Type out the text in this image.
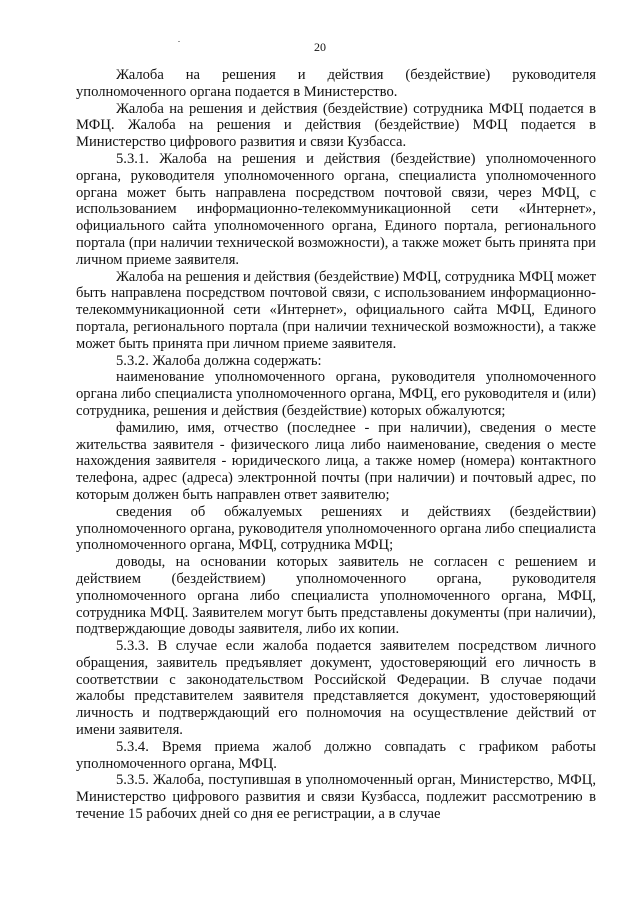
20

Жалоба на решения и действия (бездействие) руководителя уполномоченного органа подается в Министерство.

Жалоба на решения и действия (бездействие) сотрудника МФЦ подается в МФЦ. Жалоба на решения и действия (бездействие) МФЦ подается в Министерство цифрового развития и связи Кузбасса.

5.3.1. Жалоба на решения и действия (бездействие) уполномоченного органа, руководителя уполномоченного органа, специалиста уполномоченного органа может быть направлена посредством почтовой связи, через МФЦ, с использованием информационно-телекоммуникационной сети «Интернет», официального сайта уполномоченного органа, Единого портала, регионального портала (при наличии технической возможности), а также может быть принята при личном приеме заявителя.

Жалоба на решения и действия (бездействие) МФЦ, сотрудника МФЦ может быть направлена посредством почтовой связи, с использованием информационно-телекоммуникационной сети «Интернет», официального сайта МФЦ, Единого портала, регионального портала (при наличии технической возможности), а также может быть принята при личном приеме заявителя.

5.3.2. Жалоба должна содержать:

наименование уполномоченного органа, руководителя уполномоченного органа либо специалиста уполномоченного органа, МФЦ, его руководителя и (или) сотрудника, решения и действия (бездействие) которых обжалуются;

фамилию, имя, отчество (последнее - при наличии), сведения о месте жительства заявителя - физического лица либо наименование, сведения о месте нахождения заявителя - юридического лица, а также номер (номера) контактного телефона, адрес (адреса) электронной почты (при наличии) и почтовый адрес, по которым должен быть направлен ответ заявителю;

сведения об обжалуемых решениях и действиях (бездействии) уполномоченного органа, руководителя уполномоченного органа либо специалиста уполномоченного органа, МФЦ, сотрудника МФЦ;

доводы, на основании которых заявитель не согласен с решением и действием (бездействием) уполномоченного органа, руководителя уполномоченного органа либо специалиста уполномоченного органа, МФЦ, сотрудника МФЦ. Заявителем могут быть представлены документы (при наличии), подтверждающие доводы заявителя, либо их копии.

5.3.3. В случае если жалоба подается заявителем посредством личного обращения, заявитель предъявляет документ, удостоверяющий его личность в соответствии с законодательством Российской Федерации. В случае подачи жалобы представителем заявителя представляется документ, удостоверяющий личность и подтверждающий его полномочия на осуществление действий от имени заявителя.

5.3.4. Время приема жалоб должно совпадать с графиком работы уполномоченного органа, МФЦ.

5.3.5. Жалоба, поступившая в уполномоченный орган, Министерство, МФЦ, Министерство цифрового развития и связи Кузбасса, подлежит рассмотрению в течение 15 рабочих дней со дня ее регистрации, а в случае
